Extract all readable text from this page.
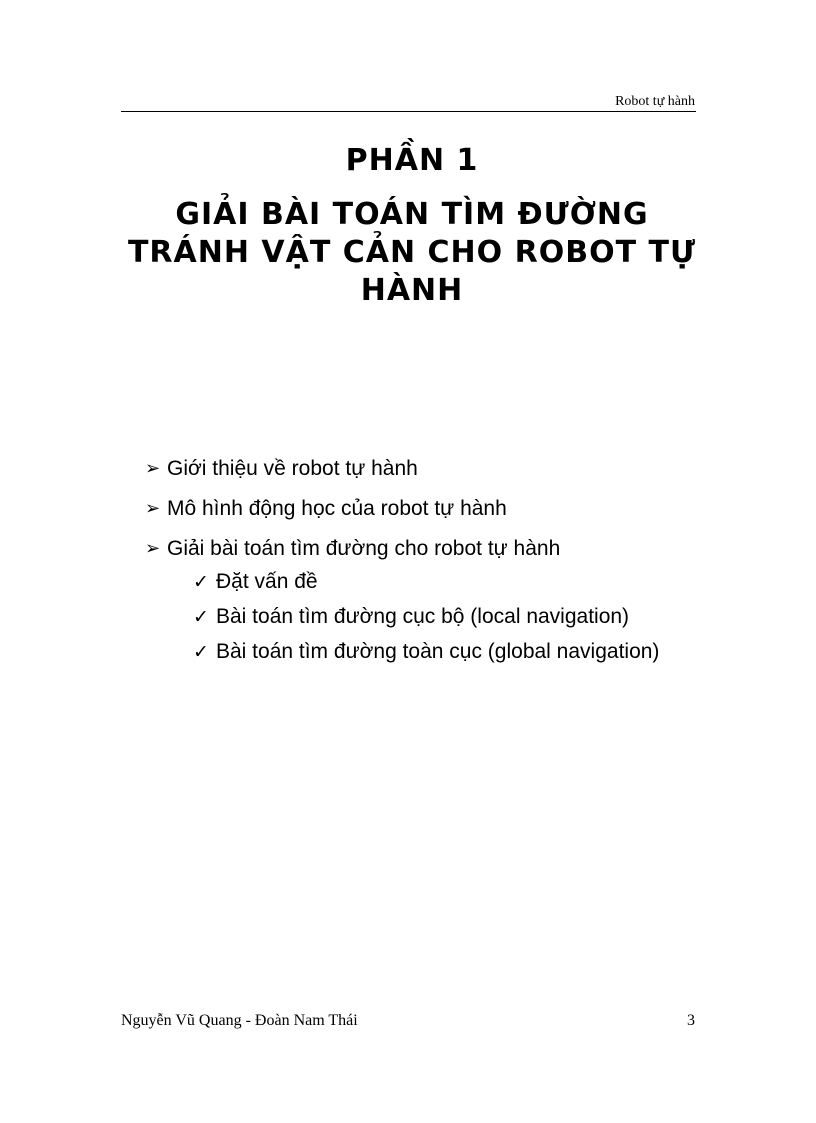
Robot tự hành
PHẦN 1
GIẢI BÀI TOÁN TÌM ĐƯỜNG TRÁNH VẬT CẢN CHO ROBOT TỰ HÀNH
➢ Giới thiệu về robot tự hành
➢ Mô hình động học của robot tự hành
➢ Giải bài toán tìm đường cho robot tự hành
✓ Đặt vấn đề
✓ Bài toán tìm đường cục bộ (local navigation)
✓ Bài toán tìm đường toàn cục (global navigation)
Nguyễn Vũ Quang - Đoàn Nam Thái	3
